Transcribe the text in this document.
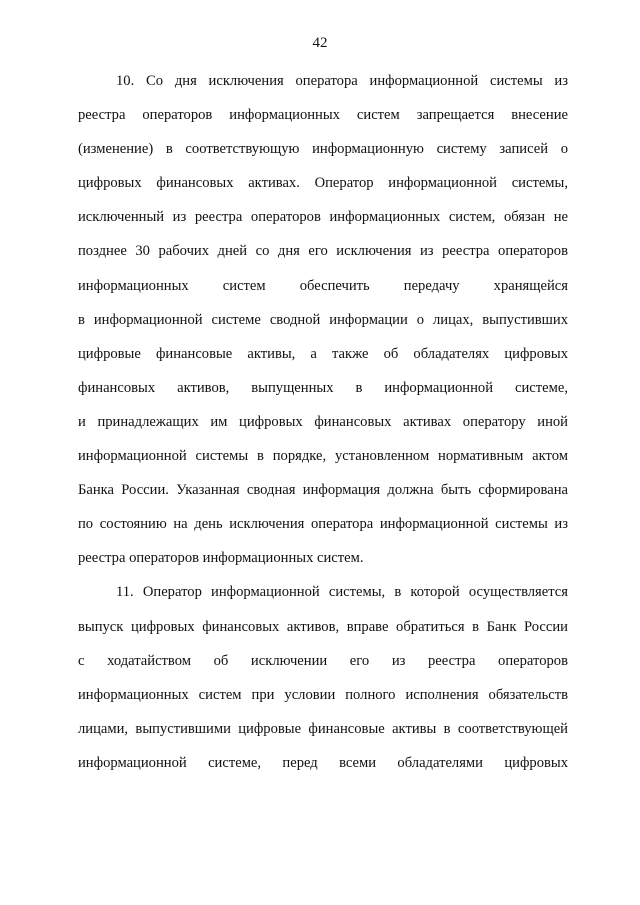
42
10. Со дня исключения оператора информационной системы из
реестра операторов информационных систем запрещается внесение
(изменение) в соответствующую информационную систему записей о
цифровых финансовых активах. Оператор информационной системы,
исключенный из реестра операторов информационных систем, обязан не
позднее 30 рабочих дней со дня его исключения из реестра операторов
информационных систем обеспечить передачу хранящейся
в информационной системе сводной информации о лицах, выпустивших
цифровые финансовые активы, а также об обладателях цифровых
финансовых активов, выпущенных в информационной системе,
и принадлежащих им цифровых финансовых активах оператору иной
информационной системы в порядке, установленном нормативным актом
Банка России. Указанная сводная информация должна быть сформирована
по состоянию на день исключения оператора информационной системы из
реестра операторов информационных систем.
11. Оператор информационной системы, в которой осуществляется
выпуск цифровых финансовых активов, вправе обратиться в Банк России
с ходатайством об исключении его из реестра операторов
информационных систем при условии полного исполнения обязательств
лицами, выпустившими цифровые финансовые активы в соответствующей
информационной системе, перед всеми обладателями цифровых
